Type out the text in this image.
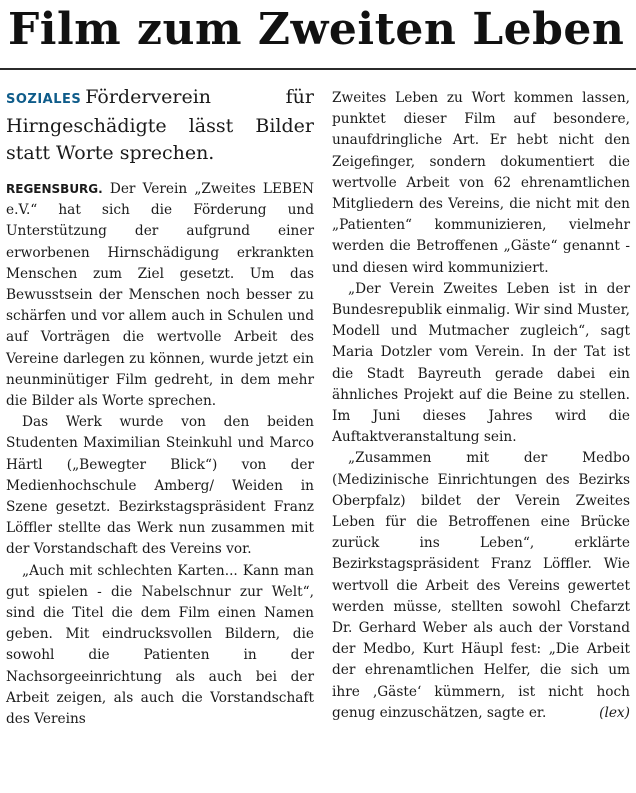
Film zum Zweiten Leben
SOZIALES Förderverein für Hirngeschädigte lässt Bilder statt Worte sprechen.

REGENSBURG. Der Verein „Zweites LEBEN e.V.“ hat sich die Förderung und Unterstützung der aufgrund einer erworbenen Hirnschädigung erkrankten Menschen zum Ziel gesetzt. Um das Bewusstsein der Menschen noch besser zu schärfen und vor allem auch in Schulen und auf Vorträgen die wertvolle Arbeit des Vereine darlegen zu können, wurde jetzt ein neunminütiger Film gedreht, in dem mehr die Bilder als Worte sprechen.

Das Werk wurde von den beiden Studenten Maximilian Steinkuhl und Marco Härtl („Bewegter Blick“) von der Medienhochschule Amberg/ Weiden in Szene gesetzt. Bezirkstagspräsident Franz Löffler stellte das Werk nun zusammen mit der Vorstandschaft des Vereins vor.

„Auch mit schlechten Karten... Kann man gut spielen - die Nabelschnur zur Welt“, sind die Titel die dem Film einen Namen geben. Mit eindrucksvollen Bildern, die sowohl die Patienten in der Nachsorgeeinrichtung als auch bei der Arbeit zeigen, als auch die Vorstandschaft des Vereins

Zweites Leben zu Wort kommen lassen, punktet dieser Film auf besondere, unaufdringliche Art. Er hebt nicht den Zeigefinger, sondern dokumentiert die wertvolle Arbeit von 62 ehrenamtlichen Mitgliedern des Vereins, die nicht mit den „Patienten“ kommunizieren, vielmehr werden die Betroffenen „Gäste“ genannt - und diesen wird kommuniziert.

„Der Verein Zweites Leben ist in der Bundesrepublik einmalig. Wir sind Muster, Modell und Mutmacher zugleich“, sagt Maria Dotzler vom Verein. In der Tat ist die Stadt Bayreuth gerade dabei ein ähnliches Projekt auf die Beine zu stellen. Im Juni dieses Jahres wird die Auftaktveranstaltung sein.

„Zusammen mit der Medbo (Medizinische Einrichtungen des Bezirks Oberpfalz) bildet der Verein Zweites Leben für die Betroffenen eine Brücke zurück ins Leben“, erklärte Bezirkstagspräsident Franz Löffler. Wie wertvoll die Arbeit des Vereins gewertet werden müsse, stellten sowohl Chefarzt Dr. Gerhard Weber als auch der Vorstand der Medbo, Kurt Häupl fest: „Die Arbeit der ehrenamtlichen Helfer, die sich um ihre ‚Gäste‘ kümmern, ist nicht hoch genug einzuschätzen, sagte er.	(lex)
